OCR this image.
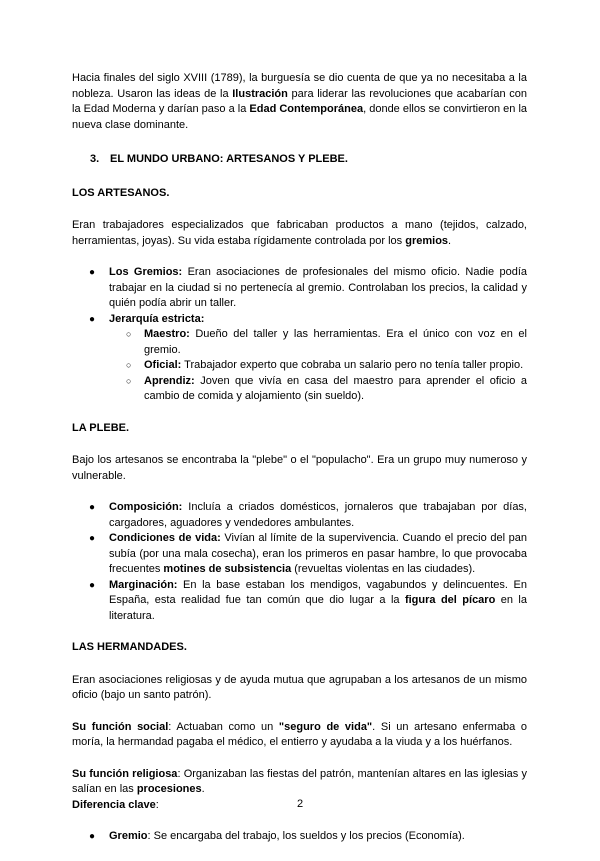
Hacia finales del siglo XVIII (1789), la burguesía se dio cuenta de que ya no necesitaba a la nobleza. Usaron las ideas de la Ilustración para liderar las revoluciones que acabarían con la Edad Moderna y darían paso a la Edad Contemporánea, donde ellos se convirtieron en la nueva clase dominante.

3. EL MUNDO URBANO: ARTESANOS Y PLEBE.

LOS ARTESANOS.

Eran trabajadores especializados que fabricaban productos a mano (tejidos, calzado, herramientas, joyas). Su vida estaba rígidamente controlada por los gremios.

● Los Gremios: Eran asociaciones de profesionales del mismo oficio. Nadie podía trabajar en la ciudad si no pertenecía al gremio. Controlaban los precios, la calidad y quién podía abrir un taller.
● Jerarquía estricta:
○ Maestro: Dueño del taller y las herramientas. Era el único con voz en el gremio.
○ Oficial: Trabajador experto que cobraba un salario pero no tenía taller propio.
○ Aprendiz: Joven que vivía en casa del maestro para aprender el oficio a cambio de comida y alojamiento (sin sueldo).

LA PLEBE.

Bajo los artesanos se encontraba la "plebe" o el "populacho". Era un grupo muy numeroso y vulnerable.

● Composición: Incluía a criados domésticos, jornaleros que trabajaban por días, cargadores, aguadores y vendedores ambulantes.
● Condiciones de vida: Vivían al límite de la supervivencia. Cuando el precio del pan subía (por una mala cosecha), eran los primeros en pasar hambre, lo que provocaba frecuentes motines de subsistencia (revueltas violentas en las ciudades).
● Marginación: En la base estaban los mendigos, vagabundos y delincuentes. En España, esta realidad fue tan común que dio lugar a la figura del pícaro en la literatura.

LAS HERMANDADES.

Eran asociaciones religiosas y de ayuda mutua que agrupaban a los artesanos de un mismo oficio (bajo un santo patrón).

Su función social: Actuaban como un "seguro de vida". Si un artesano enfermaba o moría, la hermandad pagaba el médico, el entierro y ayudaba a la viuda y a los huérfanos.

Su función religiosa: Organizaban las fiestas del patrón, mantenían altares en las iglesias y salían en las procesiones.

Diferencia clave:

● Gremio: Se encargaba del trabajo, los sueldos y los precios (Economía).
2
